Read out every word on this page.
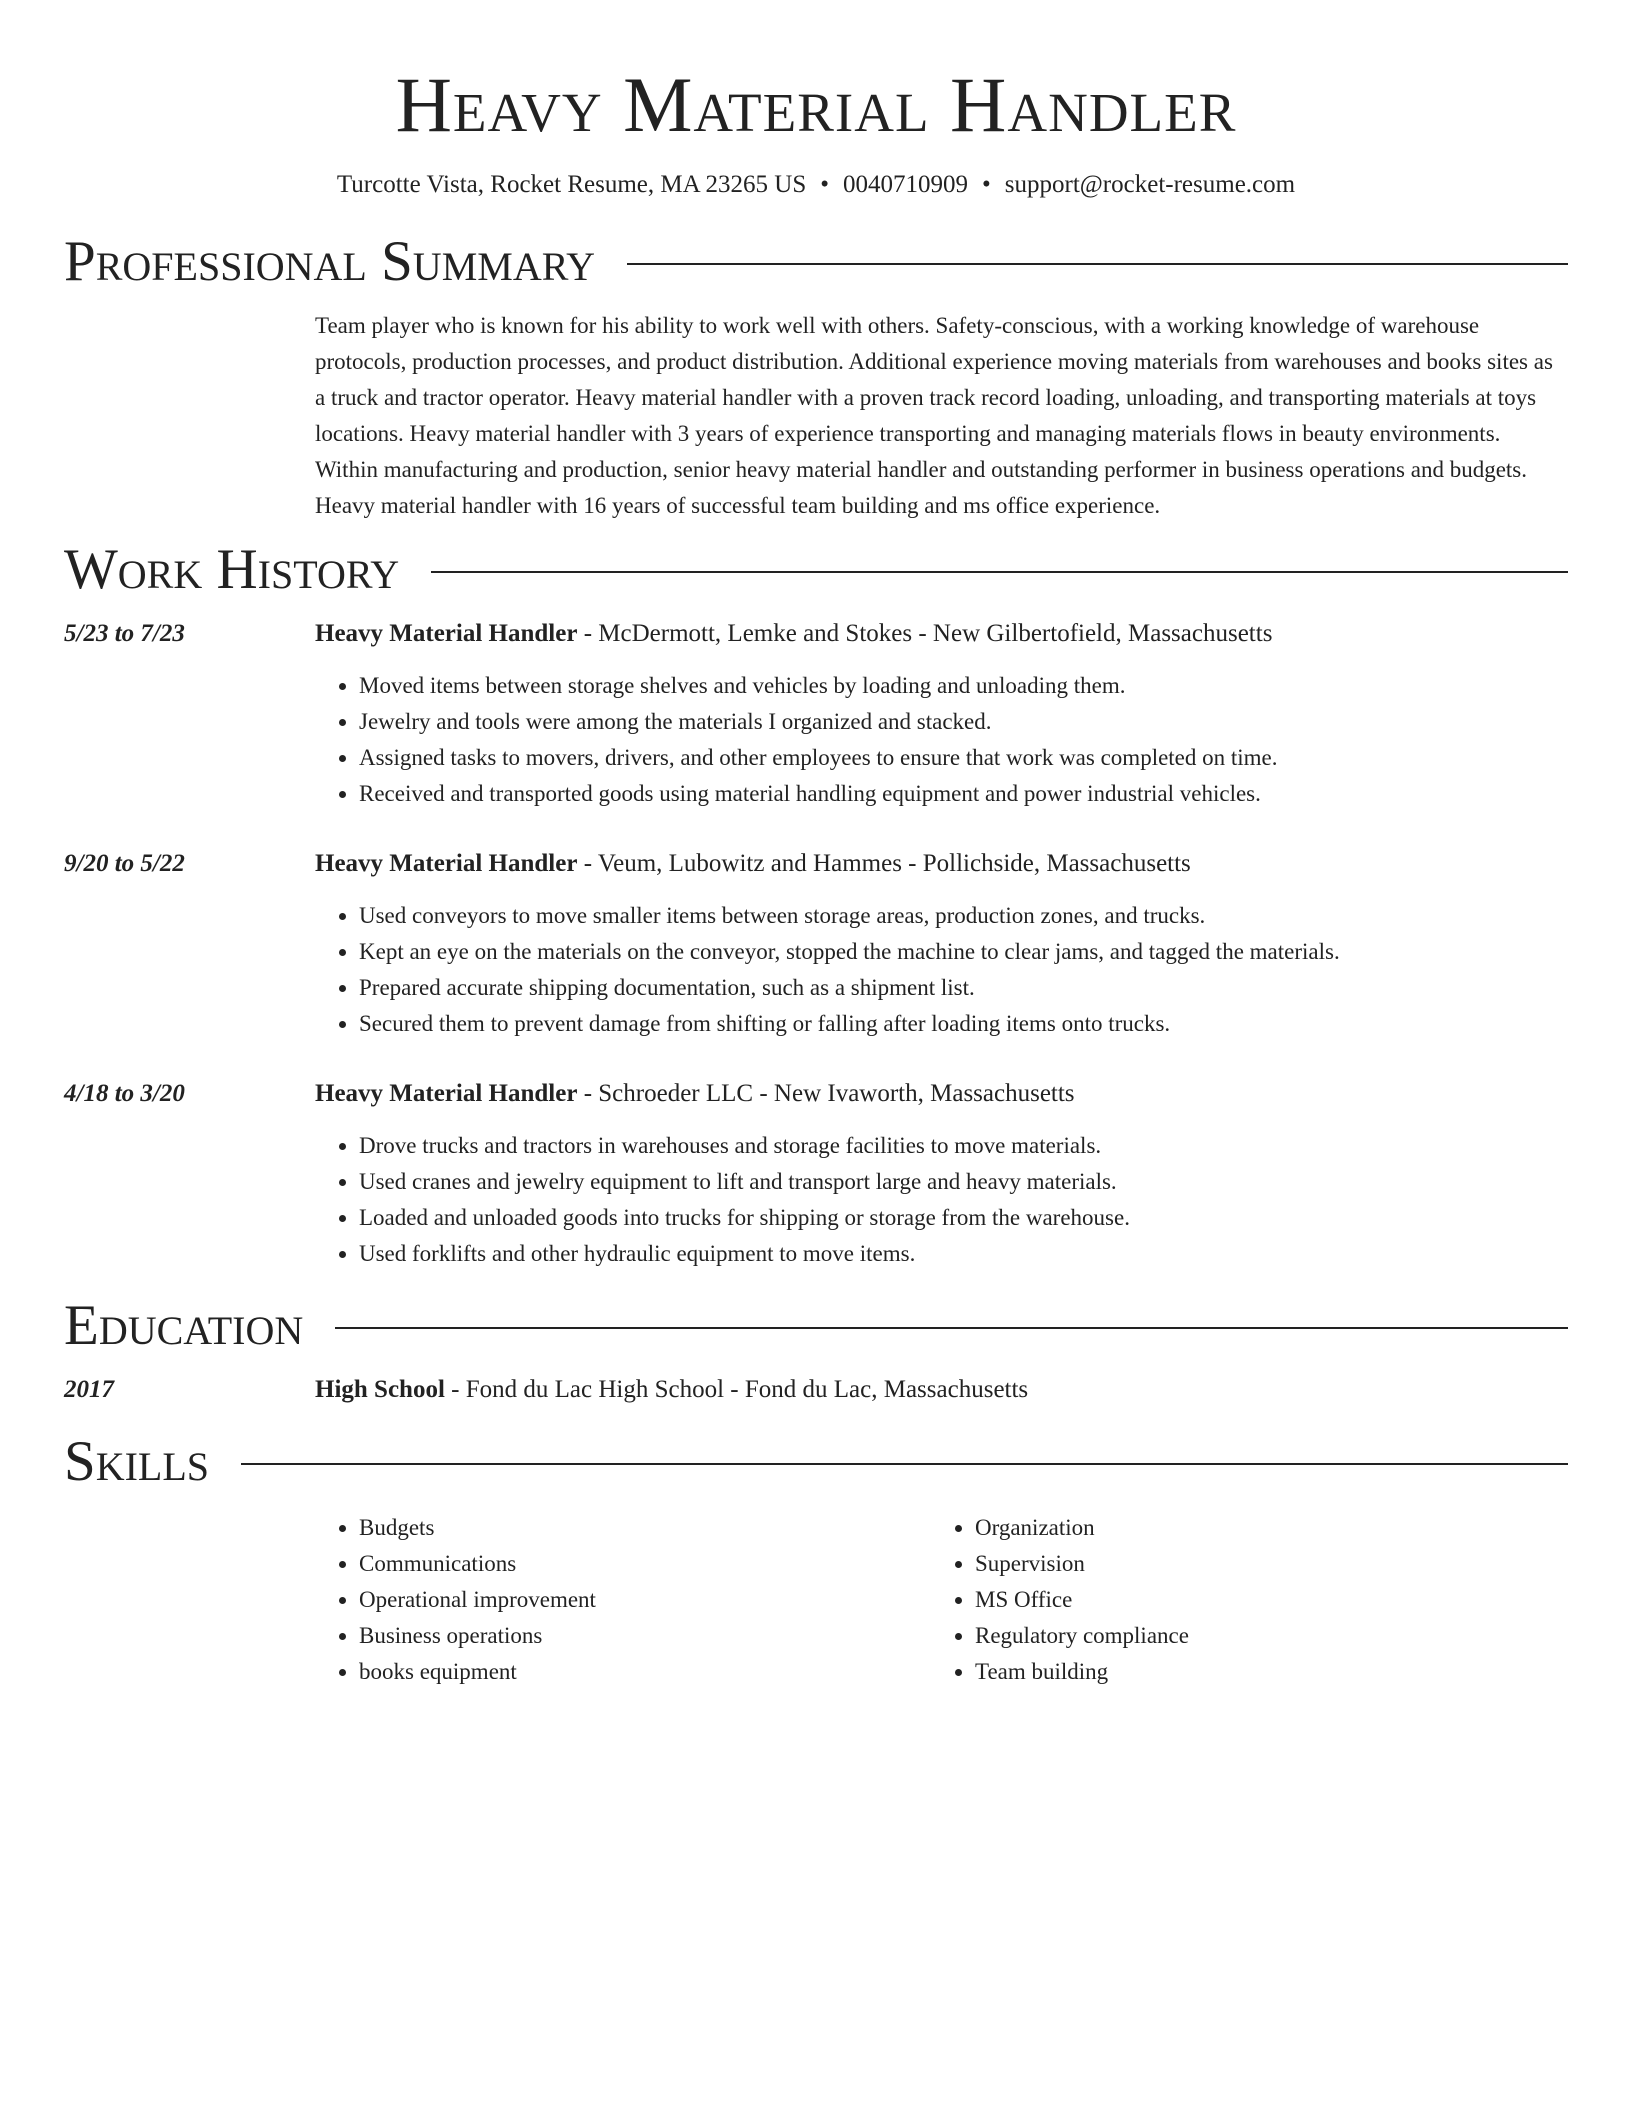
Heavy Material Handler
Turcotte Vista, Rocket Resume, MA 23265 US • 0040710909 • support@rocket-resume.com
Professional Summary

Team player who is known for his ability to work well with others. Safety-conscious, with a working knowledge of warehouse protocols, production processes, and product distribution. Additional experience moving materials from warehouses and books sites as a truck and tractor operator. Heavy material handler with a proven track record loading, unloading, and transporting materials at toys locations. Heavy material handler with 3 years of experience transporting and managing materials flows in beauty environments. Within manufacturing and production, senior heavy material handler and outstanding performer in business operations and budgets. Heavy material handler with 16 years of successful team building and ms office experience.

Work History
5/23 to 7/23	Heavy Material Handler - McDermott, Lemke and Stokes - New Gilbertofield, Massachusetts
• Moved items between storage shelves and vehicles by loading and unloading them.
• Jewelry and tools were among the materials I organized and stacked.
• Assigned tasks to movers, drivers, and other employees to ensure that work was completed on time.
• Received and transported goods using material handling equipment and power industrial vehicles.
9/20 to 5/22	Heavy Material Handler - Veum, Lubowitz and Hammes - Pollichside, Massachusetts
• Used conveyors to move smaller items between storage areas, production zones, and trucks.
• Kept an eye on the materials on the conveyor, stopped the machine to clear jams, and tagged the materials.
• Prepared accurate shipping documentation, such as a shipment list.
• Secured them to prevent damage from shifting or falling after loading items onto trucks.
4/18 to 3/20	Heavy Material Handler - Schroeder LLC - New Ivaworth, Massachusetts
• Drove trucks and tractors in warehouses and storage facilities to move materials.
• Used cranes and jewelry equipment to lift and transport large and heavy materials.
• Loaded and unloaded goods into trucks for shipping or storage from the warehouse.
• Used forklifts and other hydraulic equipment to move items.
Education
2017	High School - Fond du Lac High School - Fond du Lac, Massachusetts
Skills
• Budgets
• Communications
• Operational improvement
• Business operations
• books equipment
• Organization
• Supervision
• MS Office
• Regulatory compliance
• Team building
